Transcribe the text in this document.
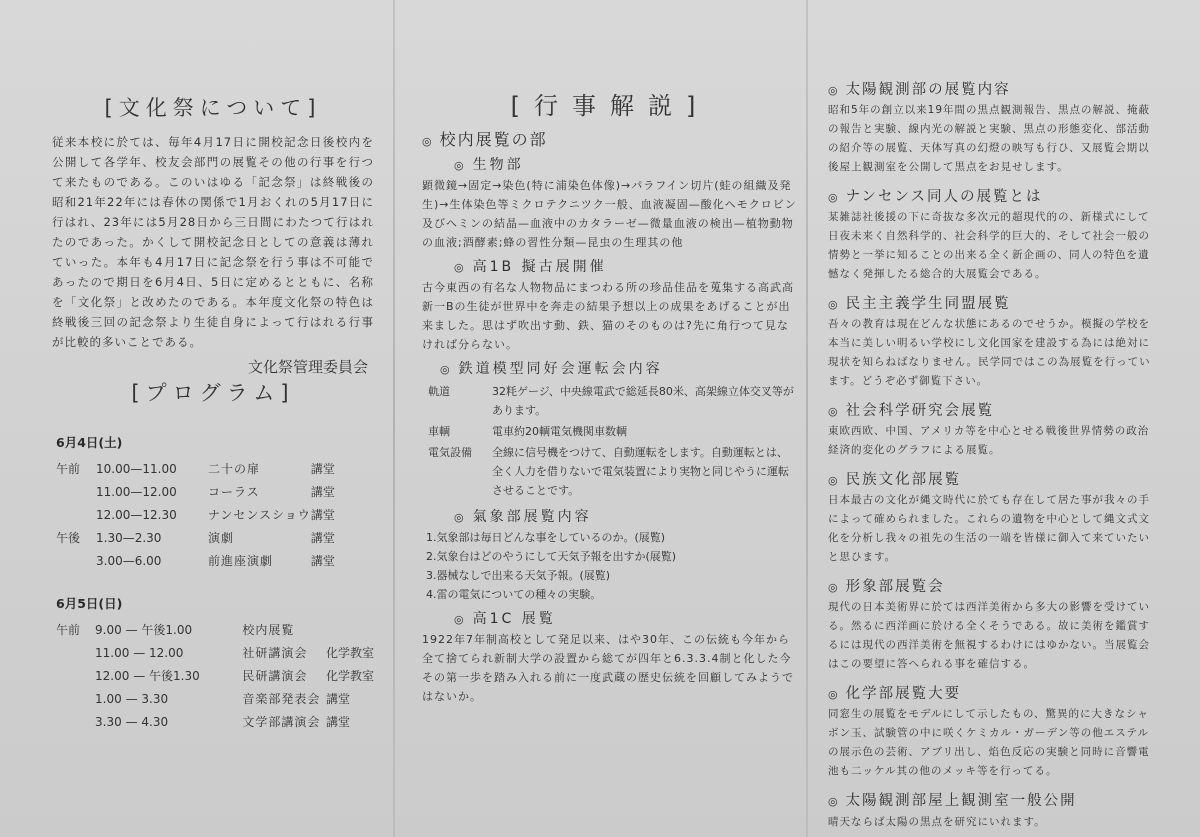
[文化祭について]

従来本校に於ては、毎年4月17日に開校記念日後校内を公開して各学年、校友会部門の展覧その他の行事を行つて来たものである。このいはゆる「記念祭」は終戦後の昭和21年22年には春休の関係で1月おくれの5月17日に行はれ、23年には5月28日から三日間にわたつて行はれたのであった。かくして開校記念日としての意義は薄れていった。本年も4月17日に記念祭を行う事は不可能であったので期日を6月4日、5日に定めるとともに、名称を「文化祭」と改めたのである。本年度文化祭の特色は終戦後三回の記念祭より生徒自身によって行はれる行事が比較的多いことである。

文化祭管理委員会
[プログラム]
6月4日(土)
午前	10.00—11.00	二十の扉	講堂
	11.00—12.00	コーラス	講堂
	12.00—12.30	ナンセンスショウ	講堂
午後	1.30—2.30	演劇	講堂
	3.00—6.00	前進座演劇	講堂
6月5日(日)
午前	9.00 — 午後1.00	校内展覧	
	11.00 — 12.00	社研講演会	化学教室
	12.00 — 午後1.30	民研講演会	化学教室
	1.00 — 3.30	音楽部発表会	講堂
	3.30 — 4.30	文学部講演会	講堂
[行事解説]
◎ 校内展覧の部
◎ 生物部

顕微鏡→固定→染色(特に浦染色体像)→パラフイン切片(蛙の組織及発生)→生体染色等ミクロテクニツク一般、血液凝固—酸化ヘモクロビン及びヘミンの結晶—血液中のカタラーゼ—微量血液の検出—植物動物の血液;酒酵素;蜂の習性分類—昆虫の生理其の他

◎ 高1B 擬古展開催

古今東西の有名な人物物品にまつわる所の珍品佳品を蒐集する高武高新一Bの生徒が世界中を奔走の結果予想以上の成果をあげることが出来ました。思はず吹出す動、鉄、猫のそのものは?先に角行つて見なければ分らない。

◎ 鉄道模型同好会運転会内容
軌道	32粍ゲージ、中央線電武で総延長80米、高架線立体交叉等があります。
車輌	電車約20輌電気機関車数輌
電気設備	全線に信号機をつけて、自動運転をします。自動運転とは、全く人力を借りないで電気装置により実物と同じやうに運転させることです。
◎ 氣象部展覧内容
1.気象部は毎日どんな事をしているのか。(展覧)
2.気象台はどのやうにして天気予報を出すか(展覧)
3.器械なしで出来る天気予報。(展覧)
4.雷の電気についての種々の実験。
◎ 高1C 展覧

1922年7年制高校として発足以来、はや30年、この伝統も今年から全て捨てられ新制大学の設置から総てが四年と6.3.3.4制と化した今その第一歩を踏み入れる前に一度武蔵の歴史伝統を回顧してみようではないか。

◎ 太陽観測部の展覧内容

昭和5年の創立以来19年間の黒点観測報告、黒点の解説、掩蔽の報告と実験、線内光の解説と実験、黒点の形態変化、部活動の紹介等の展覧、天体写真の幻燈の映写も行ひ、又展覧会期以後屋上観測室を公開して黒点をお見せします。

◎ ナンセンス同人の展覧とは

某雑誌社後援の下に奇抜な多次元的超現代的の、新様式にして日夜未来く自然科学的、社会科学的巨大的、そして社会一般の情勢と一挙に知ることの出来る全く新企画の、同人の特色を遺憾なく発揮したる総合的大展覧会である。

◎ 民主主義学生同盟展覧

吾々の教育は現在どんな状態にあるのでせうか。模擬の学校を本当に美しい明るい学校にし文化国家を建設する為には絶対に現状を知らねばなりません。民学同ではこの為展覧を行っています。どうぞ必ず御覧下さい。

◎ 社会科学研究会展覧

東欧西欧、中国、アメリカ等を中心とせる戦後世界情勢の政治経済的変化のグラフによる展覧。

◎ 民族文化部展覧

日本最古の文化が縄文時代に於ても存在して居た事が我々の手によって確められました。これらの遺物を中心として縄文式文化を分析し我々の祖先の生活の一端を皆様に御入て来ていたいと思ひます。

◎ 形象部展覧会

現代の日本美術界に於ては西洋美術から多大の影響を受けている。然るに西洋画に於ける全くそうである。故に美術を鑑賞するには現代の西洋美術を無視するわけにはゆかない。当展覧会はこの要望に答へられる事を確信する。

◎ 化学部展覧大要

同窓生の展覧をモデルにして示したもの、驚異的に大きなシャボン玉、試験管の中に咲くケミカル・ガーデン等の他エステルの展示色の芸術、アブリ出し、焰色反応の実験と同時に音響電池も二ッケル其の他のメッキ等を行ってる。

◎ 太陽観測部屋上観測室一般公開
晴天ならば太陽の黒点を研究にいれます。
